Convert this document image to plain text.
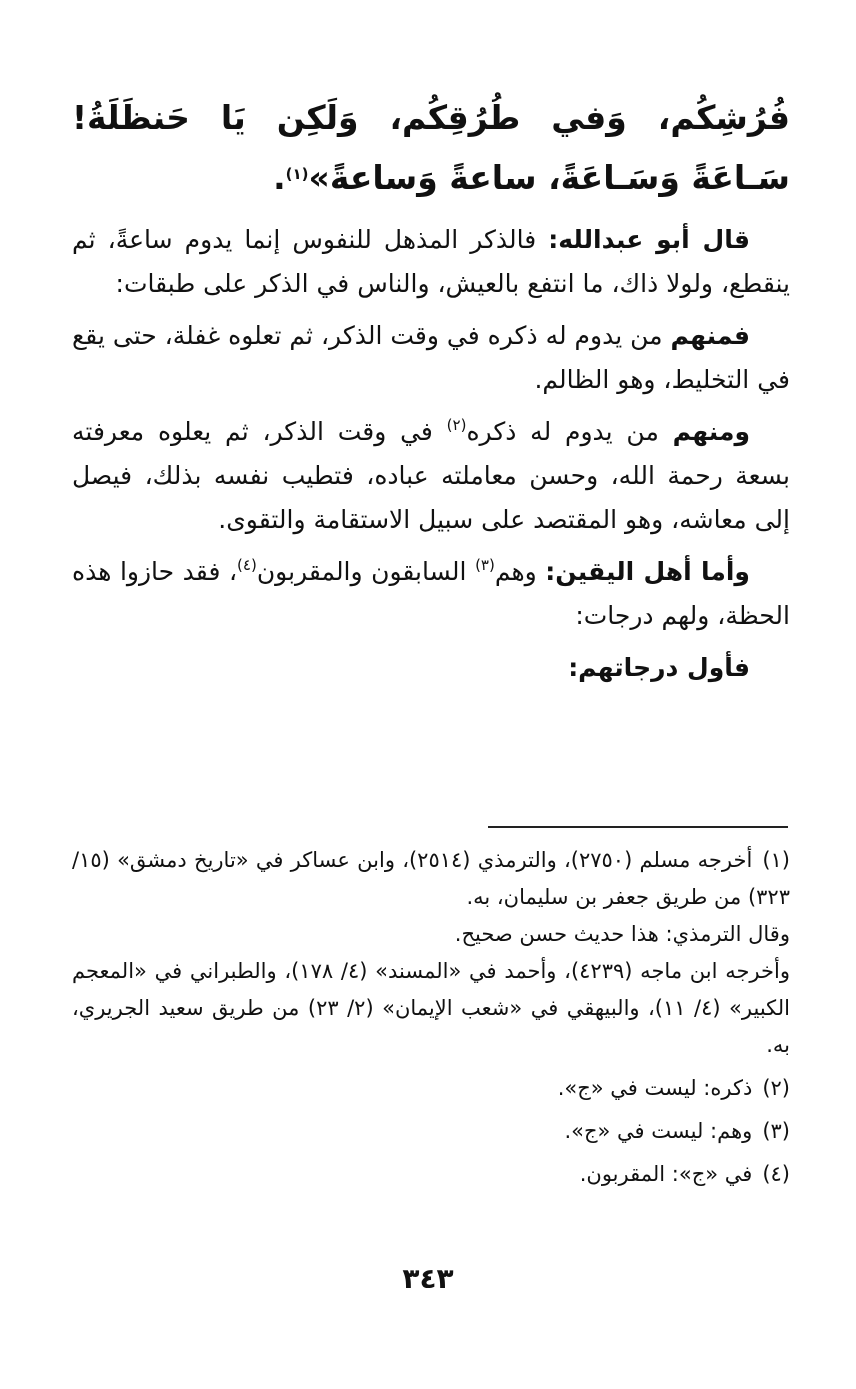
فُرُشِكُم، وَفي طُرُقِكُم، وَلَكِن يَا حَنظَلَةُ! سَـاعَةً وَسَـاعَةً، ساعةً وَساعةً»$^{(١)}$.

قال أبو عبدالله: فالذكر المذهل للنفوس إنما يدوم ساعةً، ثم ينقطع، ولولا ذاك، ما انتفع بالعيش، والناس في الذكر على طبقات:

فمنهم من يدوم له ذكره في وقت الذكر، ثم تعلوه غفلة، حتى يقع في التخليط، وهو الظالم.

ومنهم من يدوم له ذكره$^{(٢)}$ في وقت الذكر، ثم يعلوه معرفته بسعة رحمة الله، وحسن معاملته عباده، فتطيب نفسه بذلك، فيصل إلى معاشه، وهو المقتصد على سبيل الاستقامة والتقوى.

وأما أهل اليقين: وهم$^{(٣)}$ السابقون والمقربون$^{(٤)}$، فقد حازوا هذه الحظة، ولهم درجات:

فأول درجاتهم:

(١)أخرجه مسلم (٢٧٥٠)، والترمذي (٢٥١٤)، وابن عساكر في «تاريخ دمشق» (١٥/ ٣٢٣) من طريق جعفر بن سليمان، به.
وقال الترمذي: هذا حديث حسن صحيح.
وأخرجه ابن ماجه (٤٢٣٩)، وأحمد في «المسند» (٤/ ١٧٨)، والطبراني في «المعجم الكبير» (٤/ ١١)، والبيهقي في «شعب الإيمان» (٢/ ٢٣) من طريق سعيد الجريري، به.
(٢)ذكره: ليست في «ج».
(٣)وهم: ليست في «ج».
(٤)في «ج»: المقربون.
٣٤٣
